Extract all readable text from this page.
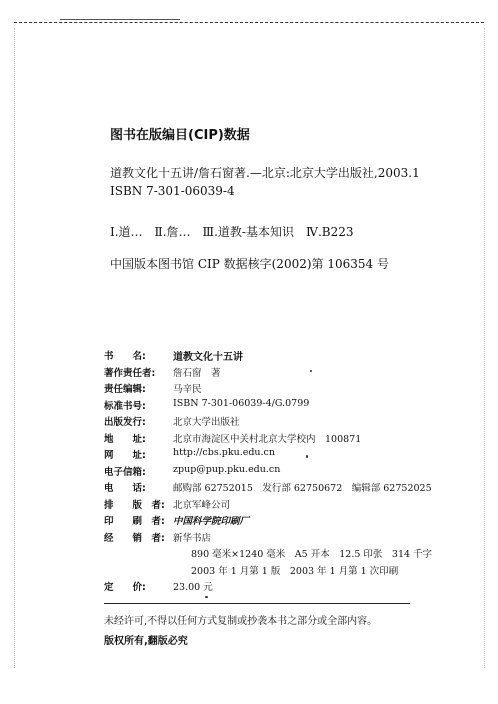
图书在版编目(CIP)数据
道教文化十五讲/詹石窗著.—北京:北京大学出版社,2003.1
ISBN 7-301-06039-4
Ⅰ.道…　Ⅱ.詹…　Ⅲ.道教-基本知识　Ⅳ.B223
中国版本图书馆 CIP 数据核字(2002)第 106354 号
书　　名:	道教文化十五讲
著作责任者:	詹石窗　著
责任编辑:	马辛民
标准书号:	ISBN 7-301-06039-4/G.0799
出版发行:	北京大学出版社
地　　址:	北京市海淀区中关村北京大学校内　100871
网　　址:	http://cbs.pku.edu.cn
电子信箱:	zpup@pup.pku.edu.cn
电　　话:	邮购部 62752015　发行部 62750672　编辑部 62752025
排　　版　者: 北京军峰公司
印　　刷　者: 中国科学院印刷厂
经　　销　者: 新华书店
890 毫米×1240 毫米　A5 开本　12.5 印张　314 千字
2003 年 1 月第 1 版　2003 年 1 月第 1 次印刷
定　　价:	23.00 元
未经许可,不得以任何方式复制或抄袭本书之部分或全部内容。
版权所有,翻版必究
